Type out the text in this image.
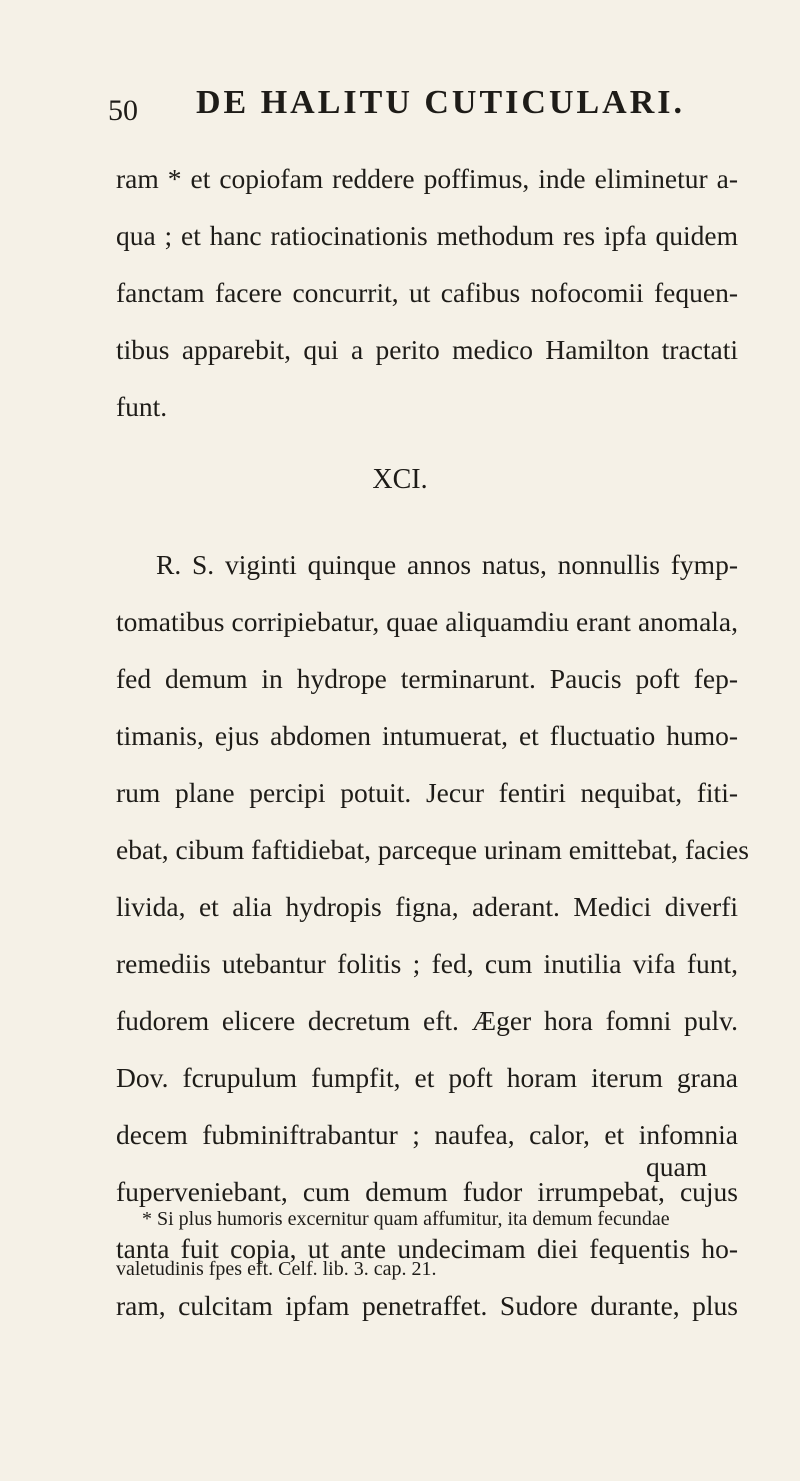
50 DE HALITU CUTICULARI.
ram * et copiofam reddere poffimus, inde eliminetur a-
qua ; et hanc ratiocinationis methodum res ipfa quidem
fanctam facere concurrit, ut cafibus nofocomii fequen-
tibus apparebit, qui a perito medico Hamilton tractati
funt.
XCI.
R. S. viginti quinque annos natus, nonnullis fymp-
tomatibus corripiebatur, quae aliquamdiu erant anomala,
fed demum in hydrope terminarunt. Paucis poft fep-
timanis, ejus abdomen intumuerat, et fluctuatio humo-
rum plane percipi potuit. Jecur fentiri nequibat, fiti-
ebat, cibum faftidiebat, parceque urinam emittebat, facies
livida, et alia hydropis figna, aderant. Medici diverfi
remediis utebantur folitis ; fed, cum inutilia vifa funt,
fudorem elicere decretum eft. Æger hora fomni pulv.
Dov. fcrupulum fumpfit, et poft horam iterum grana
decem fubminiftrabantur ; naufea, calor, et infomnia
fuperveniebant, cum demum fudor irrumpebat, cujus
tanta fuit copia, ut ante undecimam diei fequentis ho-
ram, culcitam ipfam penetraffet. Sudore durante, plus
quam
* Si plus humoris excernitur quam affumitur, ita demum fecundae
valetudinis fpes eft. Celf. lib. 3. cap. 21.
